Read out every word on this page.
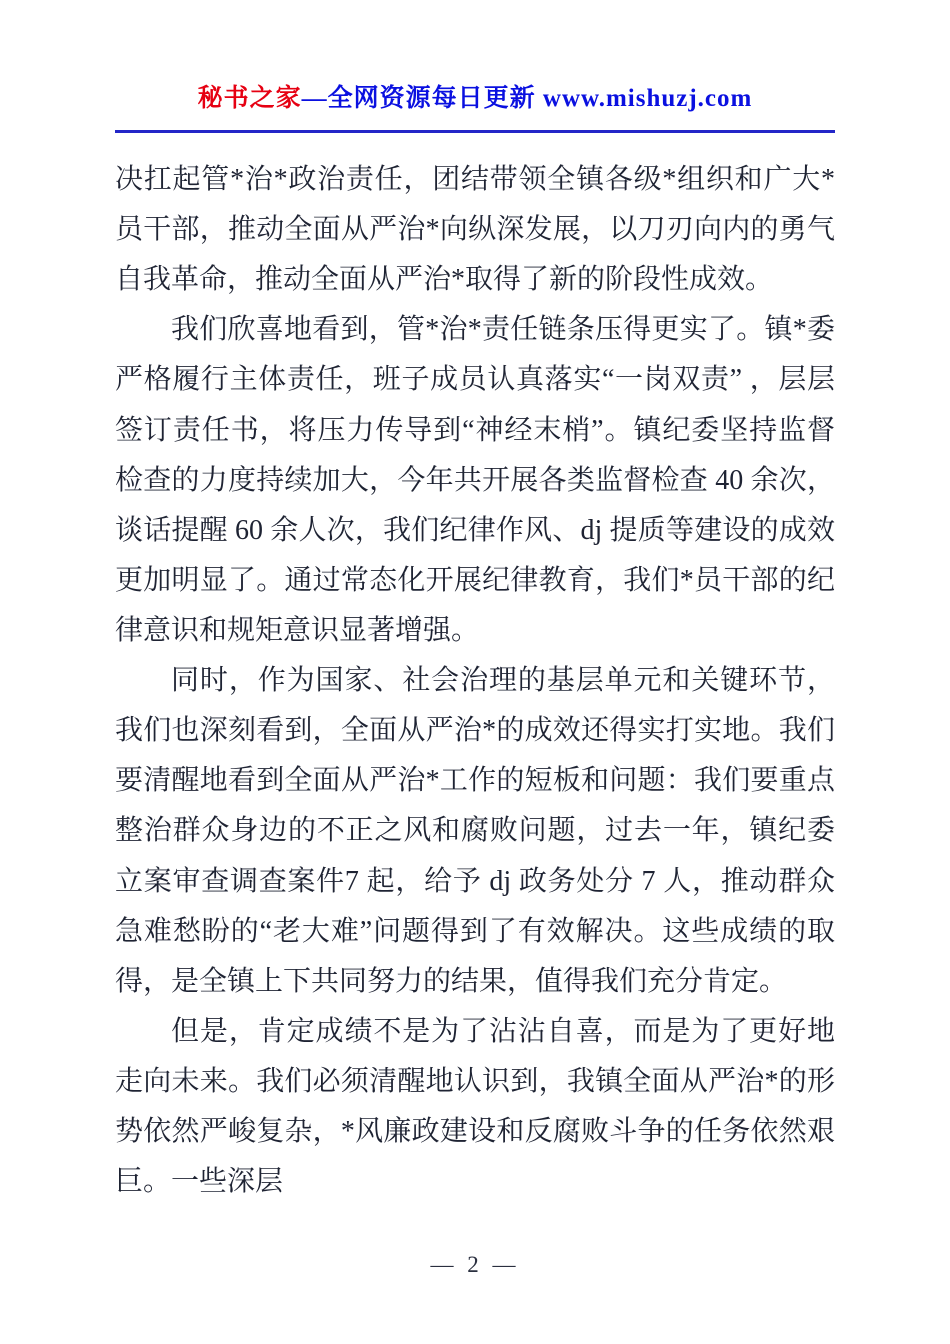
秘书之家—全网资源每日更新 www.mishuzj.com

决扛起管*治*政治责任，团结带领全镇各级*组织和广大*员干部，推动全面从严治*向纵深发展，以刀刃向内的勇气自我革命，推动全面从严治*取得了新的阶段性成效。

我们欣喜地看到，管*治*责任链条压得更实了。镇*委严格履行主体责任，班子成员认真落实“一岗双责” ，层层签订责任书，将压力传导到“神经末梢”。镇纪委坚持监督检查的力度持续加大，今年共开展各类监督检查 40 余次，谈话提醒 60 余人次，我们纪律作风、dj 提质等建设的成效更加明显了。通过常态化开展纪律教育，我们*员干部的纪律意识和规矩意识显著增强。

同时，作为国家、社会治理的基层单元和关键环节，我们也深刻看到，全面从严治*的成效还得实打实地。我们要清醒地看到全面从严治*工作的短板和问题：我们要重点整治群众身边的不正之风和腐败问题，过去一年，镇纪委立案审查调查案件7 起，给予 dj 政务处分 7 人，推动群众急难愁盼的“老大难”问题得到了有效解决。这些成绩的取得，是全镇上下共同努力的结果，值得我们充分肯定。

但是，肯定成绩不是为了沾沾自喜，而是为了更好地走向未来。我们必须清醒地认识到，我镇全面从严治*的形势依然严峻复杂，*风廉政建设和反腐败斗争的任务依然艰巨。一些深层

— 2 —
